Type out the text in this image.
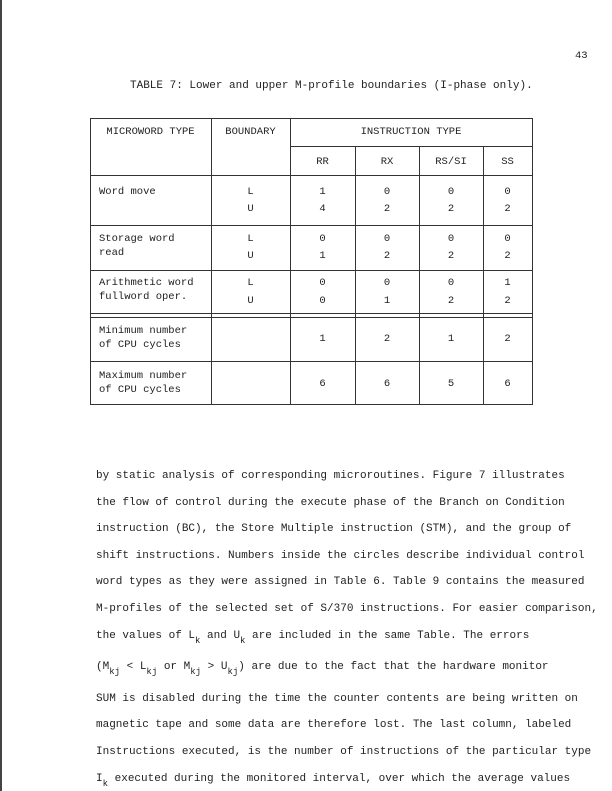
43
TABLE 7: Lower and upper M-profile boundaries (I-phase only).
MICROWORD TYPE	BOUNDARY	INSTRUCTION TYPE
RR	RX	RS/SI	SS
Word move	L	1	0	0	0
U	4	2	2	2
Storage word
read
L	0	0	0	0
U	1	2	2	2
Arithmetic word
fullword oper.
L	0	0	0	1
U	0	1	2	2
Minimum number
of CPU cycles
1	2	1	2
Maximum number
of CPU cycles
6	6	5	6
by static analysis of corresponding microroutines. Figure 7 illustrates
the flow of control during the execute phase of the Branch on Condition
instruction (BC), the Store Multiple instruction (STM), and the group of
shift instructions. Numbers inside the circles describe individual control
word types as they were assigned in Table 6. Table 9 contains the measured
M-profiles of the selected set of S/370 instructions. For easier comparison,
the values of $L_k$ and $U_k$ are included in the same Table. The errors
($M_{kj} < L_{kj}$ or $M_{kj} > U_{kj}$) are due to the fact that the hardware monitor
SUM is disabled during the time the counter contents are being written on
magnetic tape and some data are therefore lost. The last column, labeled
Instructions executed, is the number of instructions of the particular type
$I_k$ executed during the monitored interval, over which the average values
